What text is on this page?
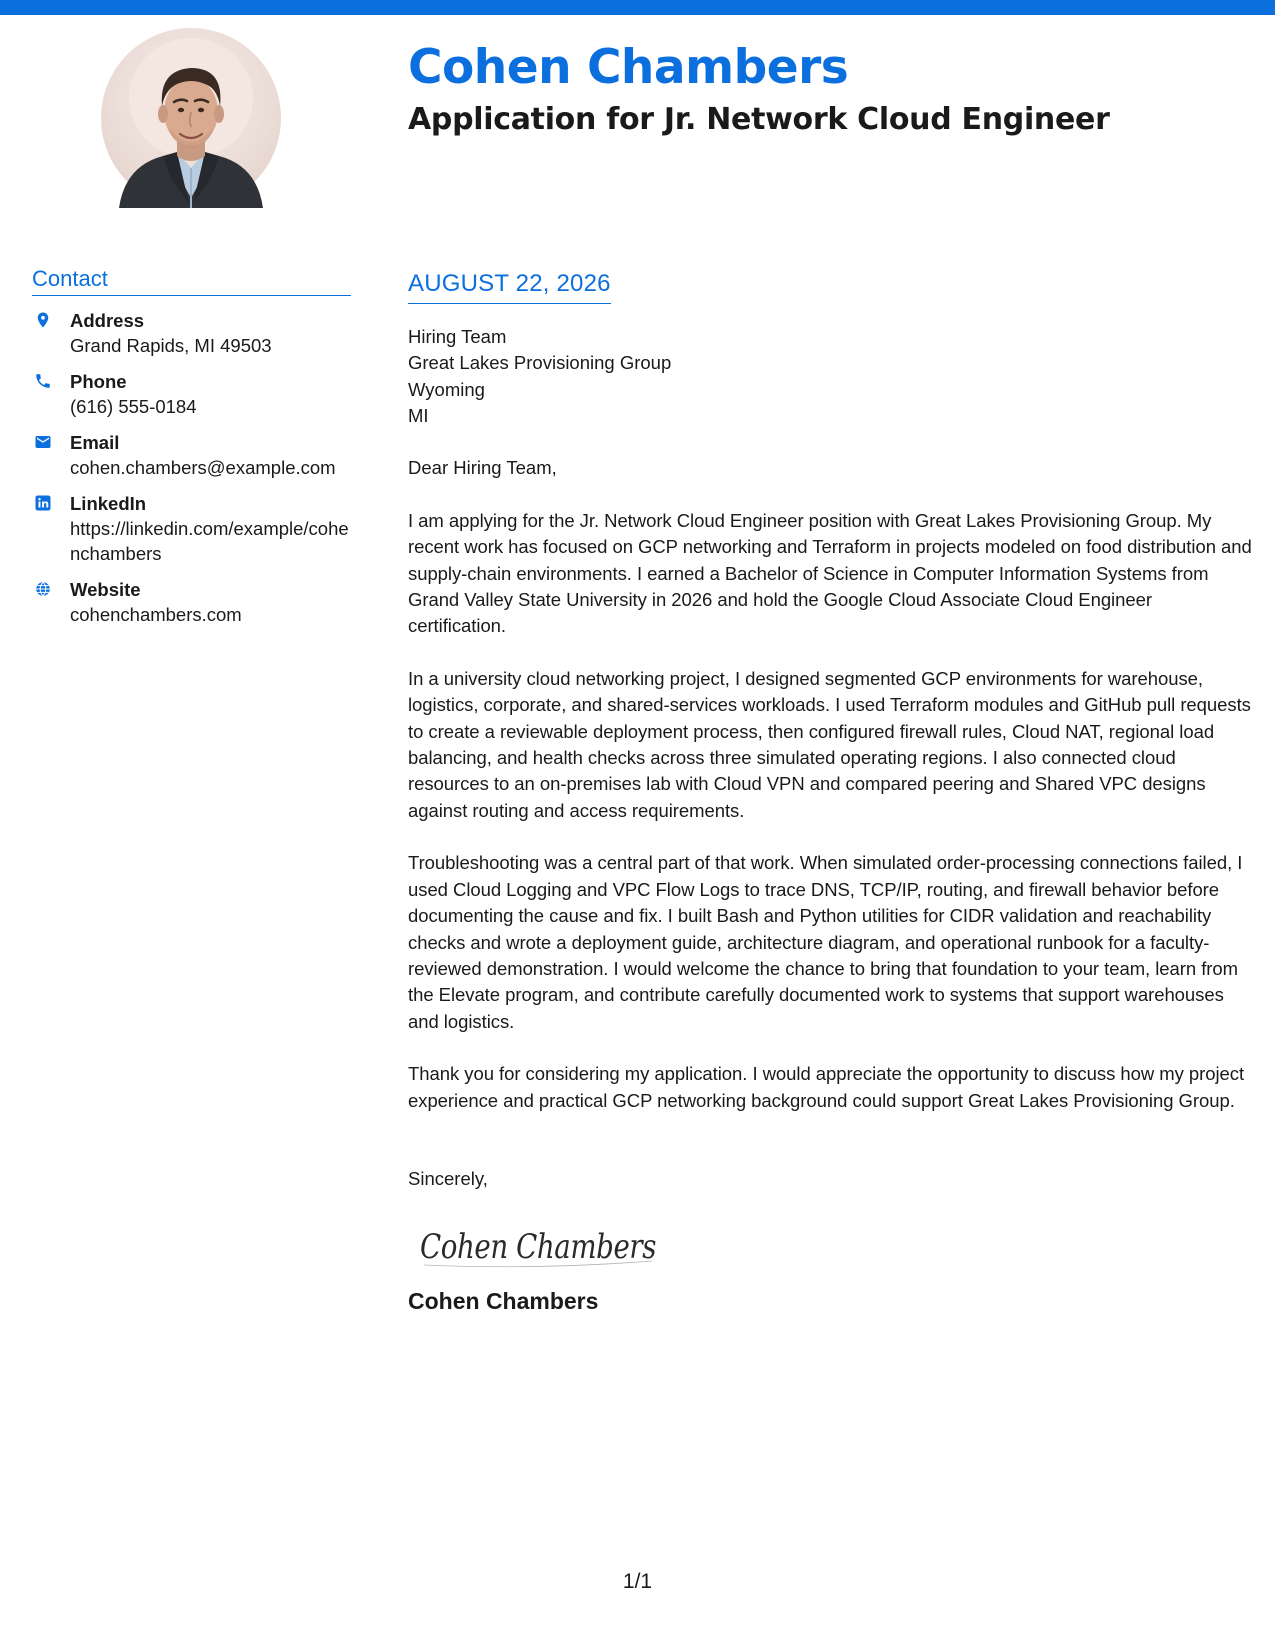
Cohen Chambers
Application for Jr. Network Cloud Engineer
Contact
Address
Grand Rapids, MI 49503
Phone
(616) 555-0184
Email
cohen.chambers@example.com
LinkedIn
https://linkedin.com/example/cohenchambers
Website
cohenchambers.com
AUGUST 22, 2026
Hiring Team
Great Lakes Provisioning Group
Wyoming
MI
Dear Hiring Team,

I am applying for the Jr. Network Cloud Engineer position with Great Lakes Provisioning Group. My recent work has focused on GCP networking and Terraform in projects modeled on food distribution and supply-chain environments. I earned a Bachelor of Science in Computer Information Systems from Grand Valley State University in 2026 and hold the Google Cloud Associate Cloud Engineer certification.

In a university cloud networking project, I designed segmented GCP environments for warehouse, logistics, corporate, and shared-services workloads. I used Terraform modules and GitHub pull requests to create a reviewable deployment process, then configured firewall rules, Cloud NAT, regional load balancing, and health checks across three simulated operating regions. I also connected cloud resources to an on-premises lab with Cloud VPN and compared peering and Shared VPC designs against routing and access requirements.

Troubleshooting was a central part of that work. When simulated order-processing connections failed, I used Cloud Logging and VPC Flow Logs to trace DNS, TCP/IP, routing, and firewall behavior before documenting the cause and fix. I built Bash and Python utilities for CIDR validation and reachability checks and wrote a deployment guide, architecture diagram, and operational runbook for a faculty-reviewed demonstration. I would welcome the chance to bring that foundation to your team, learn from the Elevate program, and contribute carefully documented work to systems that support warehouses and logistics.

Thank you for considering my application. I would appreciate the opportunity to discuss how my project experience and practical GCP networking background could support Great Lakes Provisioning Group.

Sincerely,
Cohen Chambers
Cohen Chambers
1/1
